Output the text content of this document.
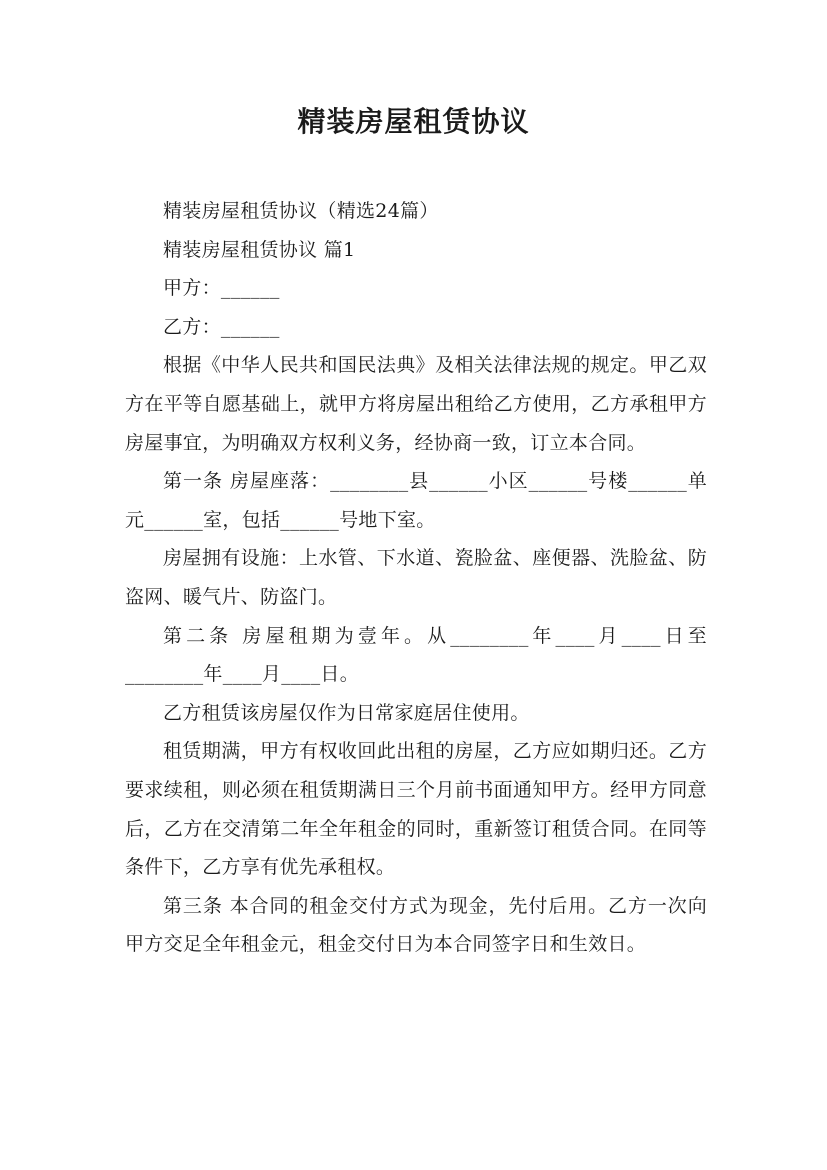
精装房屋租赁协议

精装房屋租赁协议（精选24篇）

精装房屋租赁协议 篇1

甲方：______

乙方：______

根据《中华人民共和国民法典》及相关法律法规的规定。甲乙双方在平等自愿基础上，就甲方将房屋出租给乙方使用，乙方承租甲方房屋事宜，为明确双方权利义务，经协商一致，订立本合同。

第一条 房屋座落：________县______小区______号楼______单元______室，包括______号地下室。

房屋拥有设施：上水管、下水道、瓷脸盆、座便器、洗脸盆、防盗网、暖气片、防盗门。

第二条 房屋租期为壹年。从________年____月____日至________年____月____日。

乙方租赁该房屋仅作为日常家庭居住使用。

租赁期满，甲方有权收回此出租的房屋，乙方应如期归还。乙方要求续租，则必须在租赁期满日三个月前书面通知甲方。经甲方同意后，乙方在交清第二年全年租金的同时，重新签订租赁合同。在同等条件下，乙方享有优先承租权。

第三条 本合同的租金交付方式为现金，先付后用。乙方一次向甲方交足全年租金元，租金交付日为本合同签字日和生效日。
